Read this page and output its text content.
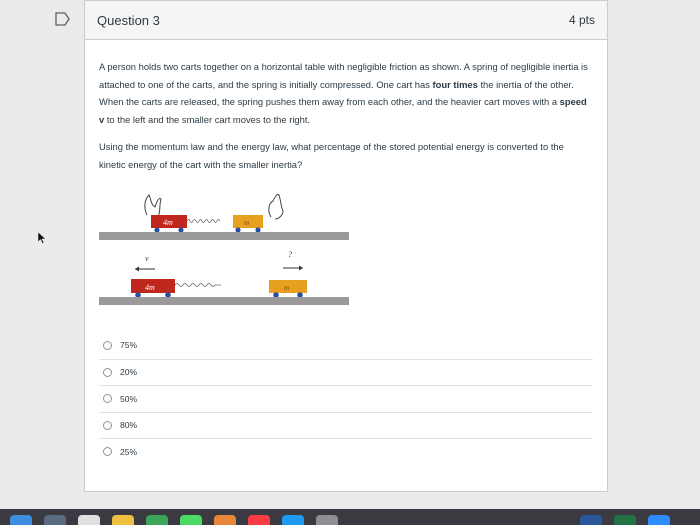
Question 3	4 pts

A person holds two carts together on a horizontal table with negligible friction as shown. A spring of negligible inertia is attached to one of the carts, and the spring is initially compressed. One cart has four times the inertia of the other. When the carts are released, the spring pushes them away from each other, and the heavier cart moves with a speed v to the left and the smaller cart moves to the right.

Using the momentum law and the energy law, what percentage of the stored potential energy is converted to the kinetic energy of the cart with the smaller inertia?

4m	m
v	?
4m	m
75%
20%
50%
80%
25%
